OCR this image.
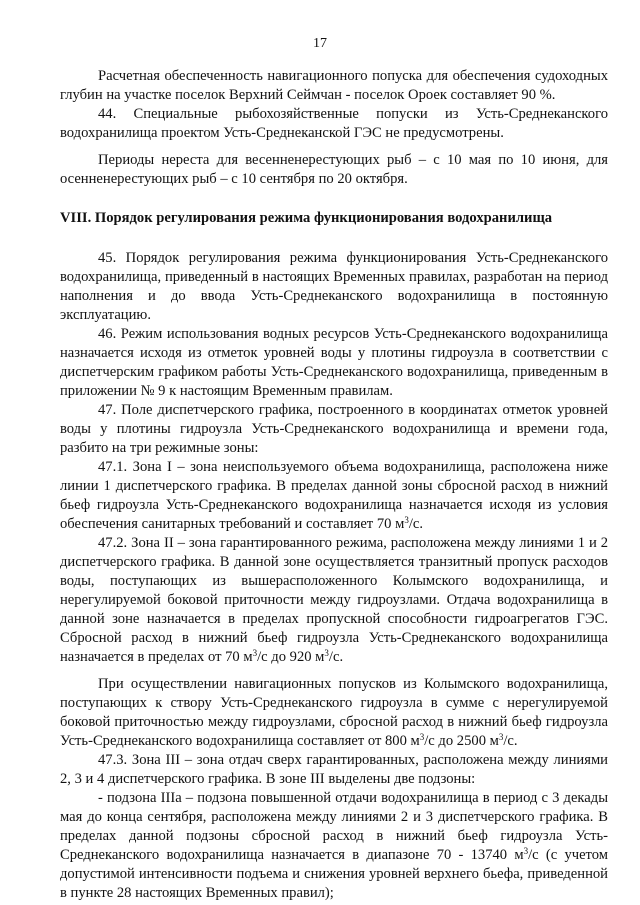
17

Расчетная обеспеченность навигационного попуска для обеспечения судоходных глубин на участке поселок Верхний Сеймчан - поселок Ороек составляет 90 %.

44. Специальные рыбохозяйственные попуски из Усть-Среднеканского водохранилища проектом Усть-Среднеканской ГЭС не предусмотрены.

Периоды нереста для весенненерестующих рыб – с 10 мая по 10 июня, для осенненерестующих рыб – с 10 сентября по 20 октября.

VIII. Порядок регулирования режима функционирования водохранилища

45. Порядок регулирования режима функционирования Усть-Среднеканского водохранилища, приведенный в настоящих Временных правилах, разработан на период наполнения и до ввода Усть-Среднеканского водохранилища в постоянную эксплуатацию.

46. Режим использования водных ресурсов Усть-Среднеканского водохранилища назначается исходя из отметок уровней воды у плотины гидроузла в соответствии с диспетчерским графиком работы Усть-Среднеканского водохранилища, приведенным в приложении № 9 к настоящим Временным правилам.

47. Поле диспетчерского графика, построенного в координатах отметок уровней воды у плотины гидроузла Усть-Среднеканского водохранилища и времени года, разбито на три режимные зоны:

47.1. Зона I – зона неиспользуемого объема водохранилища, расположена ниже линии 1 диспетчерского графика. В пределах данной зоны сбросной расход в нижний бьеф гидроузла Усть-Среднеканского водохранилища назначается исходя из условия обеспечения санитарных требований и составляет 70 $м^3/с$.

47.2. Зона II – зона гарантированного режима, расположена между линиями 1 и 2 диспетчерского графика. В данной зоне осуществляется транзитный пропуск расходов воды, поступающих из вышерасположенного Колымского водохранилища, и нерегулируемой боковой приточности между гидроузлами. Отдача водохранилища в данной зоне назначается в пределах пропускной способности гидроагрегатов ГЭС. Сбросной расход в нижний бьеф гидроузла Усть-Среднеканского водохранилища назначается в пределах от 70 $м^3/с$ до 920 $м^3/с$.

При осуществлении навигационных попусков из Колымского водохранилища, поступающих к створу Усть-Среднеканского гидроузла в сумме с нерегулируемой боковой приточностью между гидроузлами, сбросной расход в нижний бьеф гидроузла Усть-Среднеканского водохранилища составляет от 800 $м^3/с$ до 2500 $м^3/с$.

47.3. Зона III – зона отдач сверх гарантированных, расположена между линиями 2, 3 и 4 диспетчерского графика. В зоне III выделены две подзоны:

- подзона IIIа – подзона повышенной отдачи водохранилища в период с 3 декады мая до конца сентября, расположена между линиями 2 и 3 диспетчерского графика. В пределах данной подзоны сбросной расход в нижний бьеф гидроузла Усть-Среднеканского водохранилища назначается в диапазоне 70 - 13740 $м^3/с$ (с учетом допустимой интенсивности подъема и снижения уровней верхнего бьефа, приведенной в пункте 28 настоящих Временных правил);
